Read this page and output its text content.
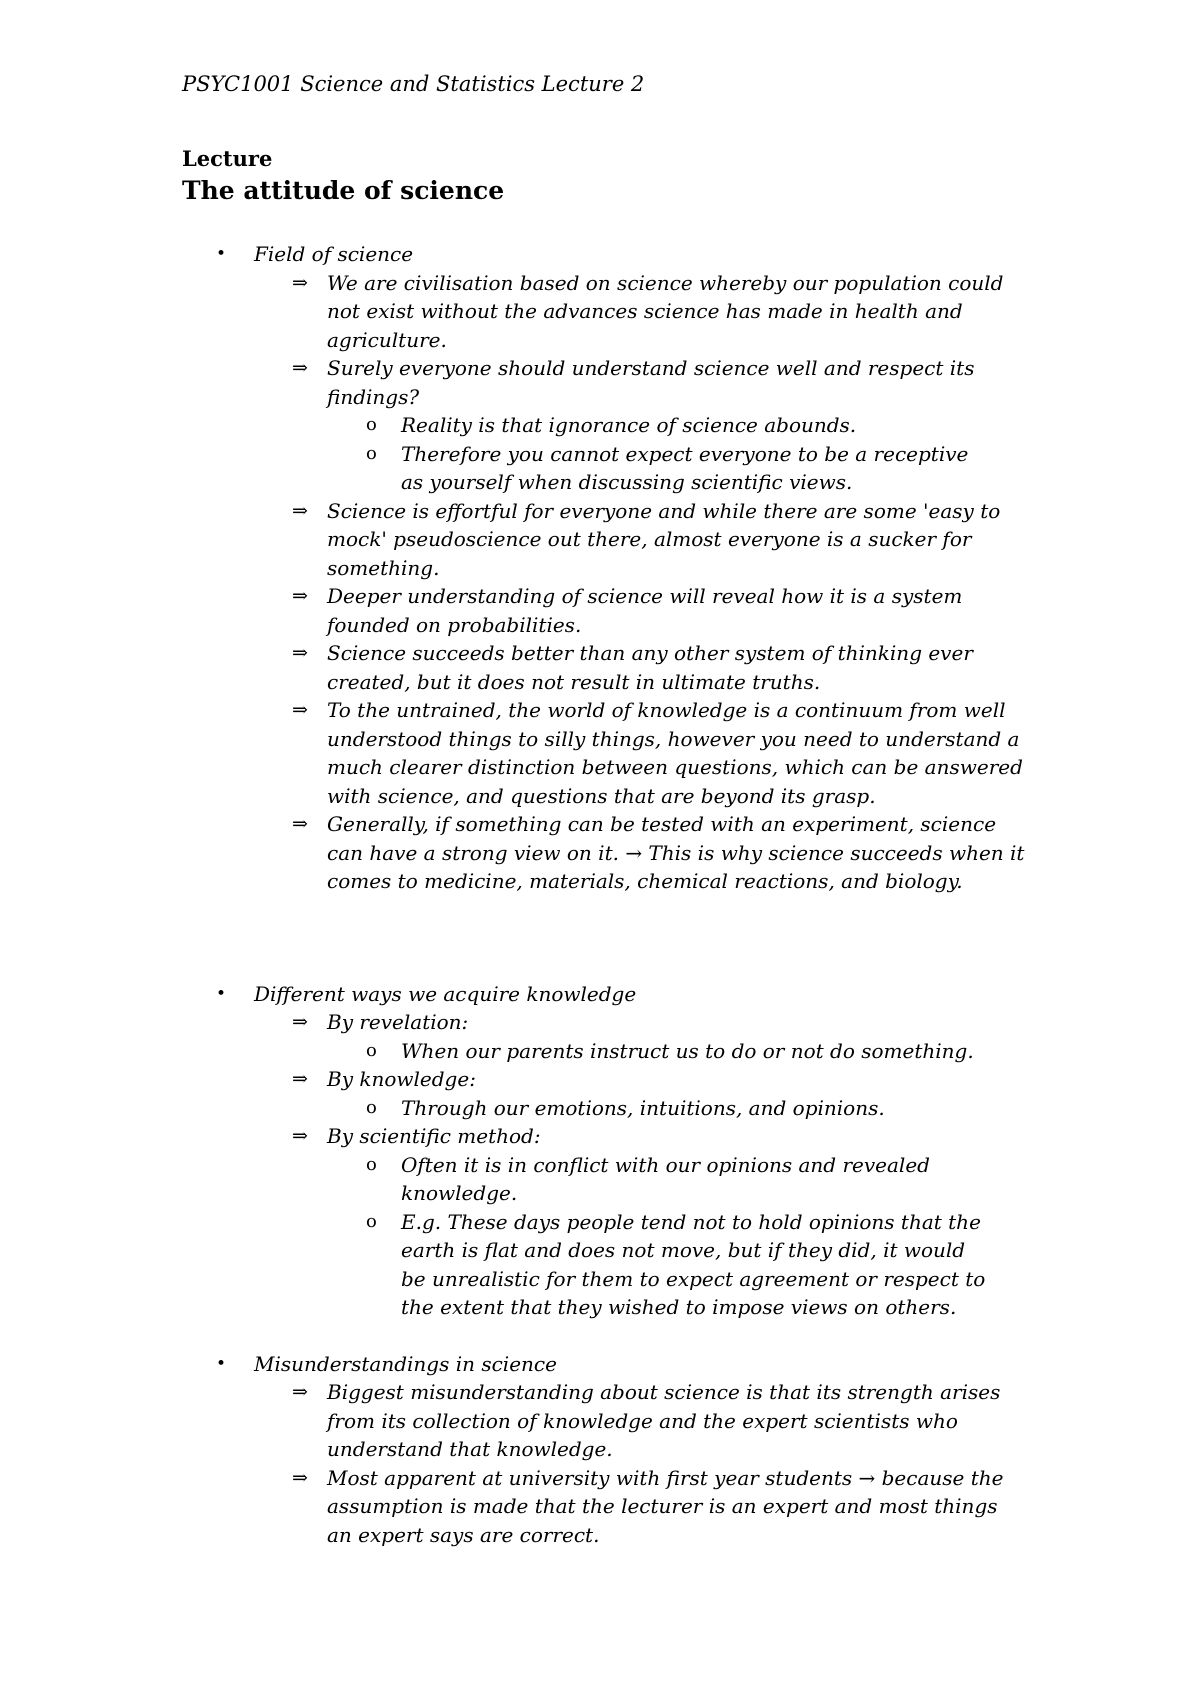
PSYC1001 Science and Statistics Lecture 2
Lecture
The attitude of science
• Field of science
⇒ We are civilisation based on science whereby our population could not exist without the advances science has made in health and agriculture.
⇒ Surely everyone should understand science well and respect its findings?
o Reality is that ignorance of science abounds.
o Therefore you cannot expect everyone to be a receptive as yourself when discussing scientific views.
⇒ Science is effortful for everyone and while there are some 'easy to mock' pseudoscience out there, almost everyone is a sucker for something.
⇒ Deeper understanding of science will reveal how it is a system founded on probabilities.
⇒ Science succeeds better than any other system of thinking ever created, but it does not result in ultimate truths.
⇒ To the untrained, the world of knowledge is a continuum from well understood things to silly things, however you need to understand a much clearer distinction between questions, which can be answered with science, and questions that are beyond its grasp.
⇒ Generally, if something can be tested with an experiment, science can have a strong view on it. → This is why science succeeds when it comes to medicine, materials, chemical reactions, and biology.
• Different ways we acquire knowledge
⇒ By revelation:
o When our parents instruct us to do or not do something.
⇒ By knowledge:
o Through our emotions, intuitions, and opinions.
⇒ By scientific method:
o Often it is in conflict with our opinions and revealed knowledge.
o E.g. These days people tend not to hold opinions that the earth is flat and does not move, but if they did, it would be unrealistic for them to expect agreement or respect to the extent that they wished to impose views on others.
• Misunderstandings in science
⇒ Biggest misunderstanding about science is that its strength arises from its collection of knowledge and the expert scientists who understand that knowledge.
⇒ Most apparent at university with first year students → because the assumption is made that the lecturer is an expert and most things an expert says are correct.
